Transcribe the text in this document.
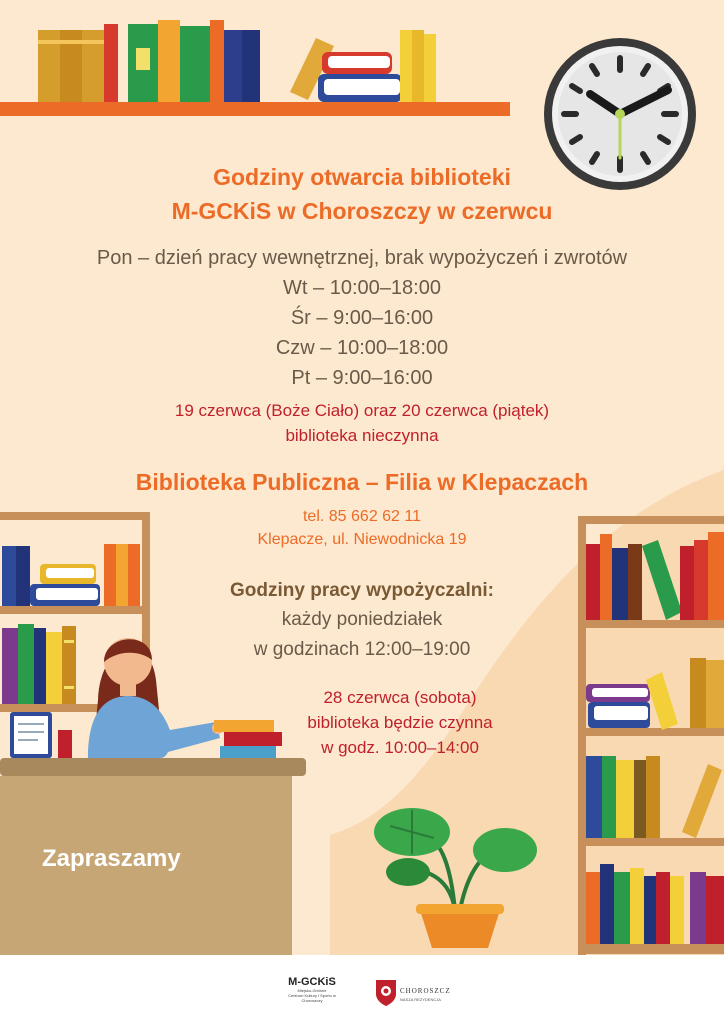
Godziny otwarcia biblioteki
M-GCKiS w Choroszczy w czerwcu
Pon – dzień pracy wewnętrznej, brak wypożyczeń i zwrotów
Wt – 10:00–18:00
Śr – 9:00–16:00
Czw – 10:00–18:00
Pt – 9:00–16:00
19 czerwca (Boże Ciało) oraz 20 czerwca (piątek)
biblioteka nieczynna
Biblioteka Publiczna – Filia w Klepaczach
tel. 85 662 62 11
Klepacze, ul. Niewodnicka 19
Godziny pracy wypożyczalni:
każdy poniedziałek
w godzinach 12:00–19:00
28 czerwca (sobota)
biblioteka będzie czynna
w godz. 10:00–14:00
Zapraszamy
M-GCKiS
Miejsko-Gminne
Centrum Kultury i Sportu w Choroszczy
CHOROSZCZ
NASZA REZYDENCJA
